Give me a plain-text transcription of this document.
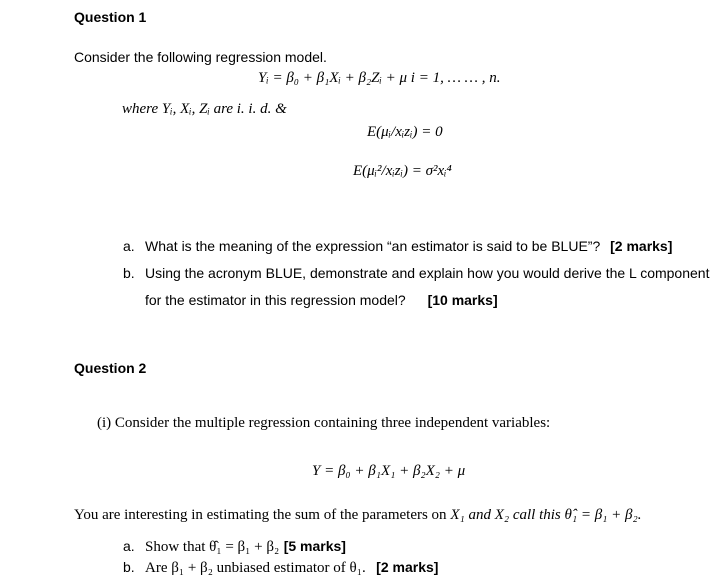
Question 1
Consider the following regression model.
Yᵢ = β₀ + β₁Xᵢ + β₂Zᵢ + μ i = 1, … … , n.
where Yᵢ, Xᵢ, Zᵢ are i. i. d. &
E(μᵢ/xᵢzᵢ) = 0
E(μᵢ²/xᵢzᵢ) = σ²xᵢ⁴
a. What is the meaning of the expression “an estimator is said to be BLUE”? [2 marks]
b. Using the acronym BLUE, demonstrate and explain how you would derive the L component
for the estimator in this regression model? [10 marks]
Question 2
(i) Consider the multiple regression containing three independent variables:
Y = β₀ + β₁X₁ + β₂X₂ + μ
You are interesting in estimating the sum of the parameters on X₁ and X₂ call this θ̂₁ = β₁ + β₂.
a. Show that θ̂₁ = β₁ + β₂ [5 marks]
b. Are β₁ + β₂ unbiased estimator of θ₁. [2 marks]
